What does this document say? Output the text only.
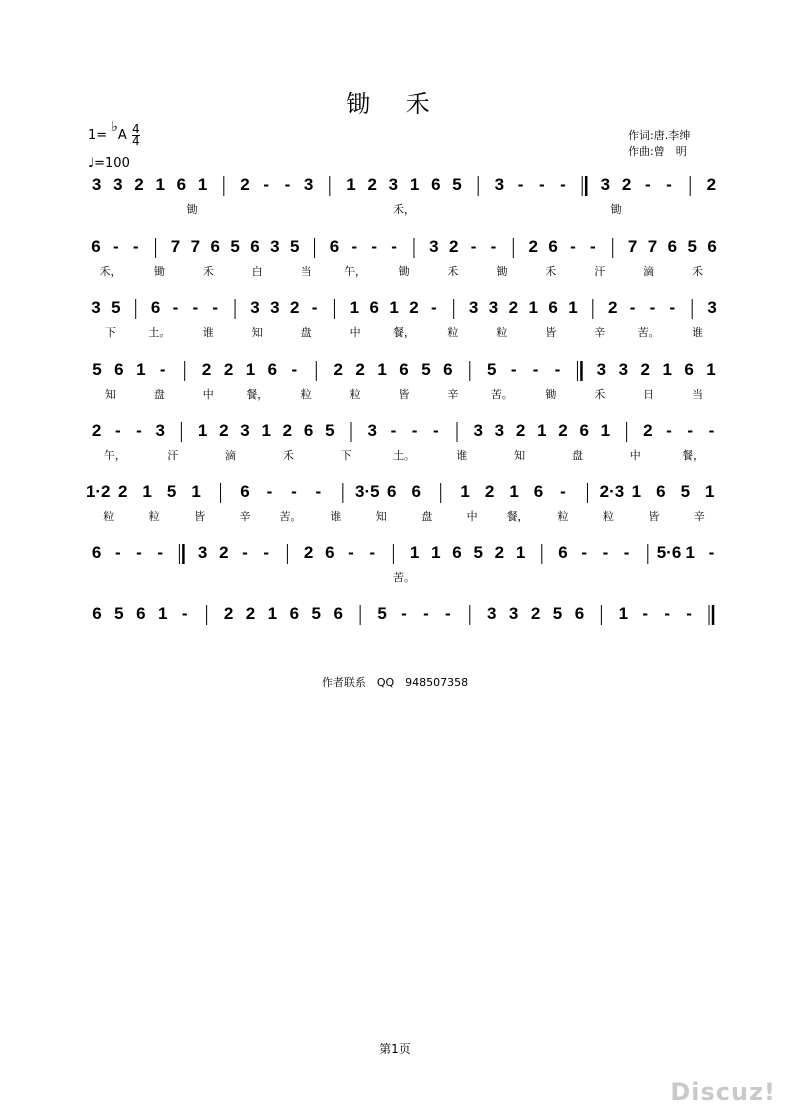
锄 禾
1= ♭A $\frac{4}{4}$
♩=100
作词:唐.李绅
作曲:曾　明
3 3 2 1 6 1 2 - - 3 1 2 3 1 6 5 3 - - - 3 2 - - 2
锄	禾，	锄
6 - - 7 7 6 5 6 3 5 6 - - - 3 2 - - 2 6 - - 7 7 6 5 6
禾，	锄	禾	白	当	午，	锄	禾	锄	禾	汗	滴	禾
3 5 6 - - - 3 3 2 - 1 6 1 2 - 3 3 2 1 6 1 2 - - - 3
下	土。	谁	知	盘	中	餐，	粒	粒	皆	辛	苦。	谁
5 6 1 - 2 2 1 6 - 2 2 1 6 5 6 5 - - - 3 3 2 1 6 1
知	盘	中	餐，	粒	粒	皆	辛	苦。	锄	禾	日	当
2 - - 3 1 2 3 1 2 6 5 3 - - - 3 3 2 1 2 6 1 2 - - -
午，	汗	滴	禾	下	土。	谁	知	盘	中	餐，
1·2 2 1 5 1 6 - - - 3·5 6 6 1 2 1 6 - 2·3 1 6 5 1
粒	粒	皆	辛	苦。	谁	知	盘	中	餐，	粒	粒	皆	辛
6 - - - 3 2 - - 2 6 - - 1 1 6 5 2 1 6 - - - 5·6 1 -
苦。
6 5 6 1 - 2 2 1 6 5 6 5 - - - 3 3 2 5 6 1 - - -
作者联系　QQ　948507358
第1页
Discuz!
